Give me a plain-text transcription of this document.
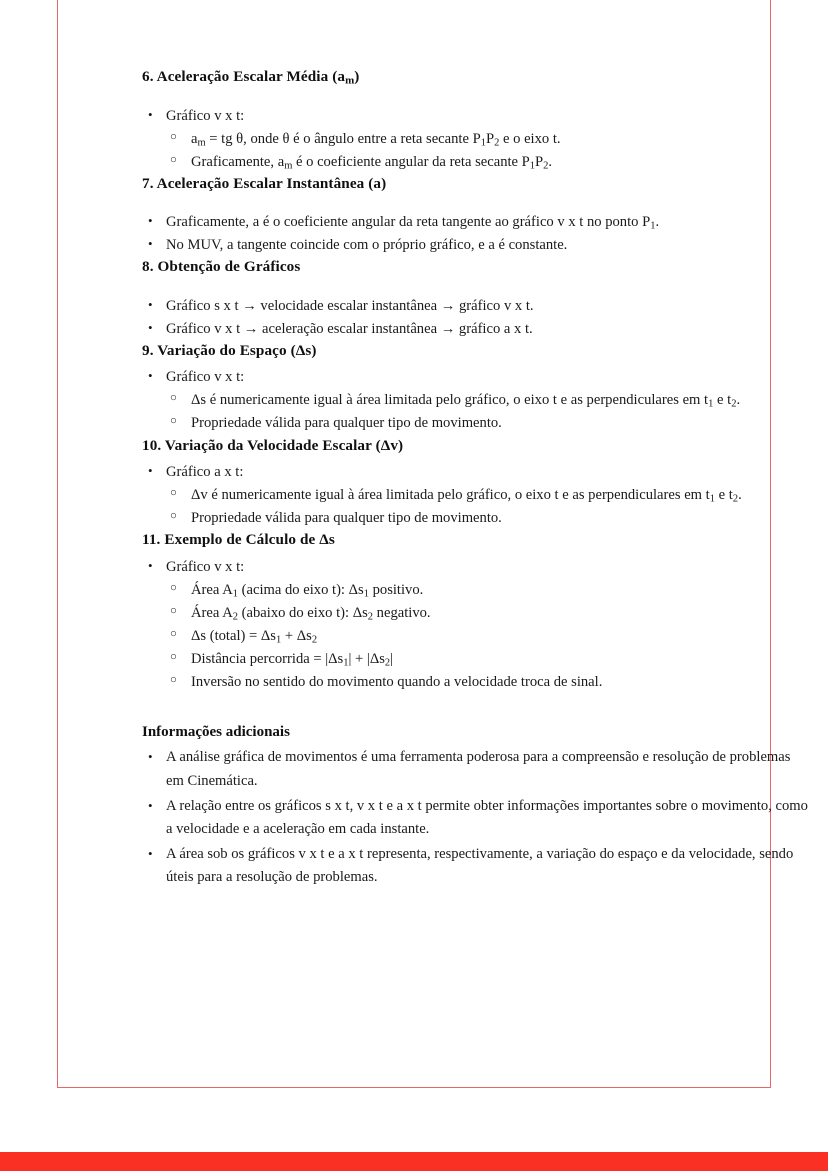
6. Aceleração Escalar Média $(a_m)$
• Gráfico v x t:
○ $a_m$ = tg θ, onde θ é o ângulo entre a reta secante $P_1P_2$ e o eixo t.
○ Graficamente, $a_m$ é o coeficiente angular da reta secante $P_1P_2$.
7. Aceleração Escalar Instantânea (a)
• Graficamente, a é o coeficiente angular da reta tangente ao gráfico v x t no ponto $P_1$.
• No MUV, a tangente coincide com o próprio gráfico, e a é constante.
8. Obtenção de Gráficos
• Gráfico s x t → velocidade escalar instantânea → gráfico v x t.
• Gráfico v x t → aceleração escalar instantânea → gráfico a x t.
9. Variação do Espaço (Δs)
• Gráfico v x t:
○ Δs é numericamente igual à área limitada pelo gráfico, o eixo t e as perpendiculares em $t_1$ e $t_2$.
○ Propriedade válida para qualquer tipo de movimento.
10. Variação da Velocidade Escalar (Δv)
• Gráfico a x t:
○ Δv é numericamente igual à área limitada pelo gráfico, o eixo t e as perpendiculares em $t_1$ e $t_2$.
○ Propriedade válida para qualquer tipo de movimento.
11. Exemplo de Cálculo de Δs
• Gráfico v x t:
○ Área $A_1$ (acima do eixo t): $\Delta s_1$ positivo.
○ Área $A_2$ (abaixo do eixo t): $\Delta s_2$ negativo.
○ Δs (total) = $\Delta s_1 + \Delta s_2$
○ Distância percorrida = $|\Delta s_1| + |\Delta s_2|$
○ Inversão no sentido do movimento quando a velocidade troca de sinal.
Informações adicionais
• A análise gráfica de movimentos é uma ferramenta poderosa para a compreensão e resolução de problemas em Cinemática.
• A relação entre os gráficos s x t, v x t e a x t permite obter informações importantes sobre o movimento, como a velocidade e a aceleração em cada instante.
• A área sob os gráficos v x t e a x t representa, respectivamente, a variação do espaço e da velocidade, sendo úteis para a resolução de problemas.
